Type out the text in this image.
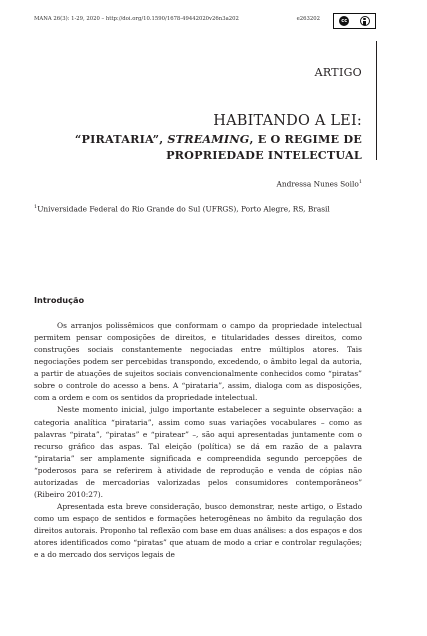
MANA 26(3): 1-29, 2020 – http://doi.org/10.1590/1678-49442020v26n3a202	e263202	cc
ARTIGO
HABITANDO A LEI:
“PIRATARIA”, STREAMING, E O REGIME DE
PROPRIEDADE INTELECTUAL
Andressa Nunes Soilo$^1$
$^1$Universidade Federal do Rio Grande do Sul (UFRGS), Porto Alegre, RS, Brasil
Introdução

Os arranjos polissêmicos que conformam o campo da propriedade intelectual permitem pensar composições de direitos, e titularidades desses direitos, como construções sociais constantemente negociadas entre múltiplos atores. Tais negociações podem ser percebidas transpondo, excedendo, o âmbito legal da autoria, a partir de atuações de sujeitos sociais convencionalmente conhecidos como “piratas” sobre o controle do acesso a bens. A “pirataria”, assim, dialoga com as disposições, com a ordem e com os sentidos da propriedade intelectual.

Neste momento inicial, julgo importante estabelecer a seguinte observação: a categoria analítica “pirataria”, assim como suas variações vocabulares – como as palavras “pirata”, “piratas” e “piratear” –, são aqui apresentadas juntamente com o recurso gráfico das aspas. Tal eleição (política) se dá em razão de a palavra “pirataria” ser amplamente significada e compreendida segundo percepções de “poderosos para se referirem à atividade de reprodução e venda de cópias não autorizadas de mercadorias valorizadas pelos consumidores contemporâneos” (Ribeiro 2010:27).

Apresentada esta breve consideração, busco demonstrar, neste artigo, o Estado como um espaço de sentidos e formações heterogêneas no âmbito da regulação dos direitos autorais. Proponho tal reflexão com base em duas análises: a dos espaços e dos atores identificados como “piratas” que atuam de modo a criar e controlar regulações; e a do mercado dos serviços legais de
